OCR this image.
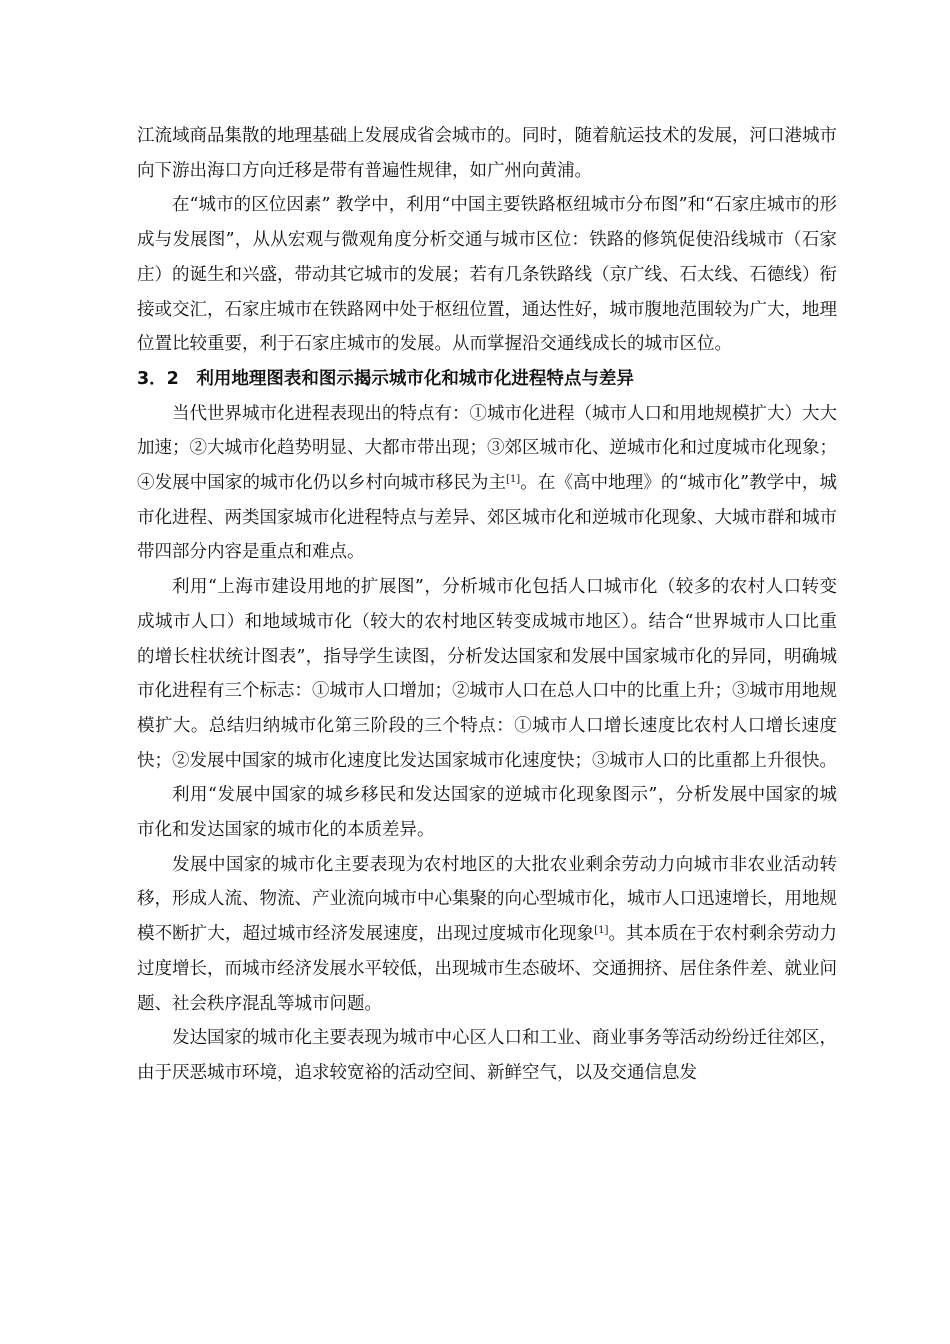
江流域商品集散的地理基础上发展成省会城市的。同时，随着航运技术的发展，河口港城市向下游出海口方向迁移是带有普遍性规律，如广州向黄浦。

在“城市的区位因素” 教学中，利用“中国主要铁路枢纽城市分布图”和“石家庄城市的形成与发展图”，从从宏观与微观角度分析交通与城市区位：铁路的修筑促使沿线城市（石家庄）的诞生和兴盛，带动其它城市的发展；若有几条铁路线（京广线、石太线、石德线）衔接或交汇，石家庄城市在铁路网中处于枢纽位置，通达性好，城市腹地范围较为广大，地理位置比较重要，利于石家庄城市的发展。从而掌握沿交通线成长的城市区位。

3．2　利用地理图表和图示揭示城市化和城市化进程特点与差异

当代世界城市化进程表现出的特点有：①城市化进程（城市人口和用地规模扩大）大大加速；②大城市化趋势明显、大都市带出现；③郊区城市化、逆城市化和过度城市化现象；④发展中国家的城市化仍以乡村向城市移民为主[1]。在《高中地理》的“城市化”教学中，城市化进程、两类国家城市化进程特点与差异、郊区城市化和逆城市化现象、大城市群和城市带四部分内容是重点和难点。

利用“上海市建设用地的扩展图”，分析城市化包括人口城市化（较多的农村人口转变成城市人口）和地域城市化（较大的农村地区转变成城市地区）。结合“世界城市人口比重的增长柱状统计图表”，指导学生读图，分析发达国家和发展中国家城市化的异同，明确城市化进程有三个标志：①城市人口增加；②城市人口在总人口中的比重上升；③城市用地规模扩大。总结归纳城市化第三阶段的三个特点：①城市人口增长速度比农村人口增长速度快；②发展中国家的城市化速度比发达国家城市化速度快；③城市人口的比重都上升很快。

利用“发展中国家的城乡移民和发达国家的逆城市化现象图示”，分析发展中国家的城市化和发达国家的城市化的本质差异。

发展中国家的城市化主要表现为农村地区的大批农业剩余劳动力向城市非农业活动转移，形成人流、物流、产业流向城市中心集聚的向心型城市化，城市人口迅速增长，用地规模不断扩大，超过城市经济发展速度，出现过度城市化现象[1]。其本质在于农村剩余劳动力过度增长，而城市经济发展水平较低，出现城市生态破坏、交通拥挤、居住条件差、就业问题、社会秩序混乱等城市问题。

发达国家的城市化主要表现为城市中心区人口和工业、商业事务等活动纷纷迁往郊区，由于厌恶城市环境，追求较宽裕的活动空间、新鲜空气，以及交通信息发
